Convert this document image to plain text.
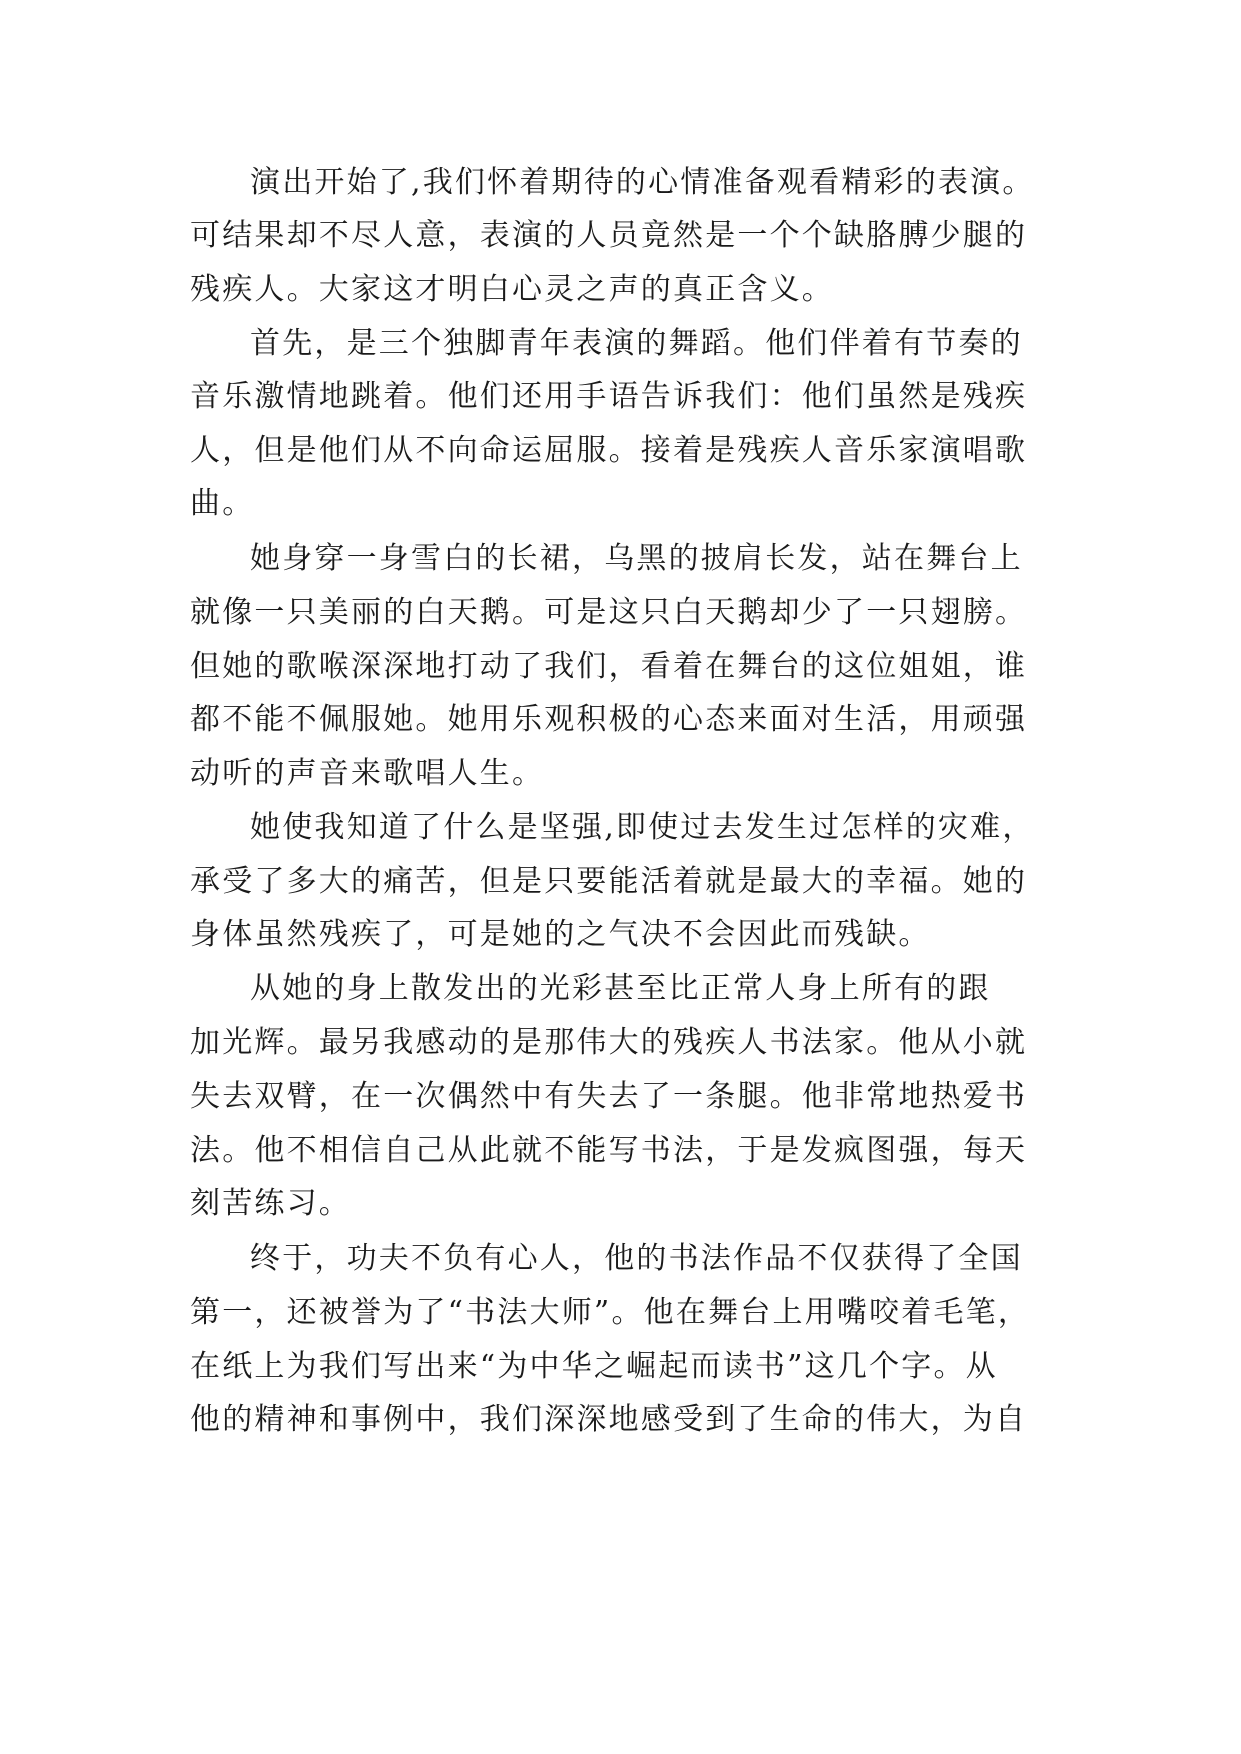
演出开始了,我们怀着期待的心情准备观看精彩的表演。
可结果却不尽人意，表演的人员竟然是一个个缺胳膊少腿的
残疾人。大家这才明白心灵之声的真正含义。
首先，是三个独脚青年表演的舞蹈。他们伴着有节奏的
音乐激情地跳着。他们还用手语告诉我们：他们虽然是残疾
人，但是他们从不向命运屈服。接着是残疾人音乐家演唱歌
曲。
她身穿一身雪白的长裙，乌黑的披肩长发，站在舞台上
就像一只美丽的白天鹅。可是这只白天鹅却少了一只翅膀。
但她的歌喉深深地打动了我们，看着在舞台的这位姐姐，谁
都不能不佩服她。她用乐观积极的心态来面对生活，用顽强
动听的声音来歌唱人生。
她使我知道了什么是坚强,即使过去发生过怎样的灾难，
承受了多大的痛苦，但是只要能活着就是最大的幸福。她的
身体虽然残疾了，可是她的之气决不会因此而残缺。
从她的身上散发出的光彩甚至比正常人身上所有的跟
加光辉。最另我感动的是那伟大的残疾人书法家。他从小就
失去双臂，在一次偶然中有失去了一条腿。他非常地热爱书
法。他不相信自己从此就不能写书法，于是发疯图强，每天
刻苦练习。
终于，功夫不负有心人，他的书法作品不仅获得了全国
第一，还被誉为了“书法大师”。他在舞台上用嘴咬着毛笔，
在纸上为我们写出来“为中华之崛起而读书”这几个字。从
他的精神和事例中，我们深深地感受到了生命的伟大，为自
